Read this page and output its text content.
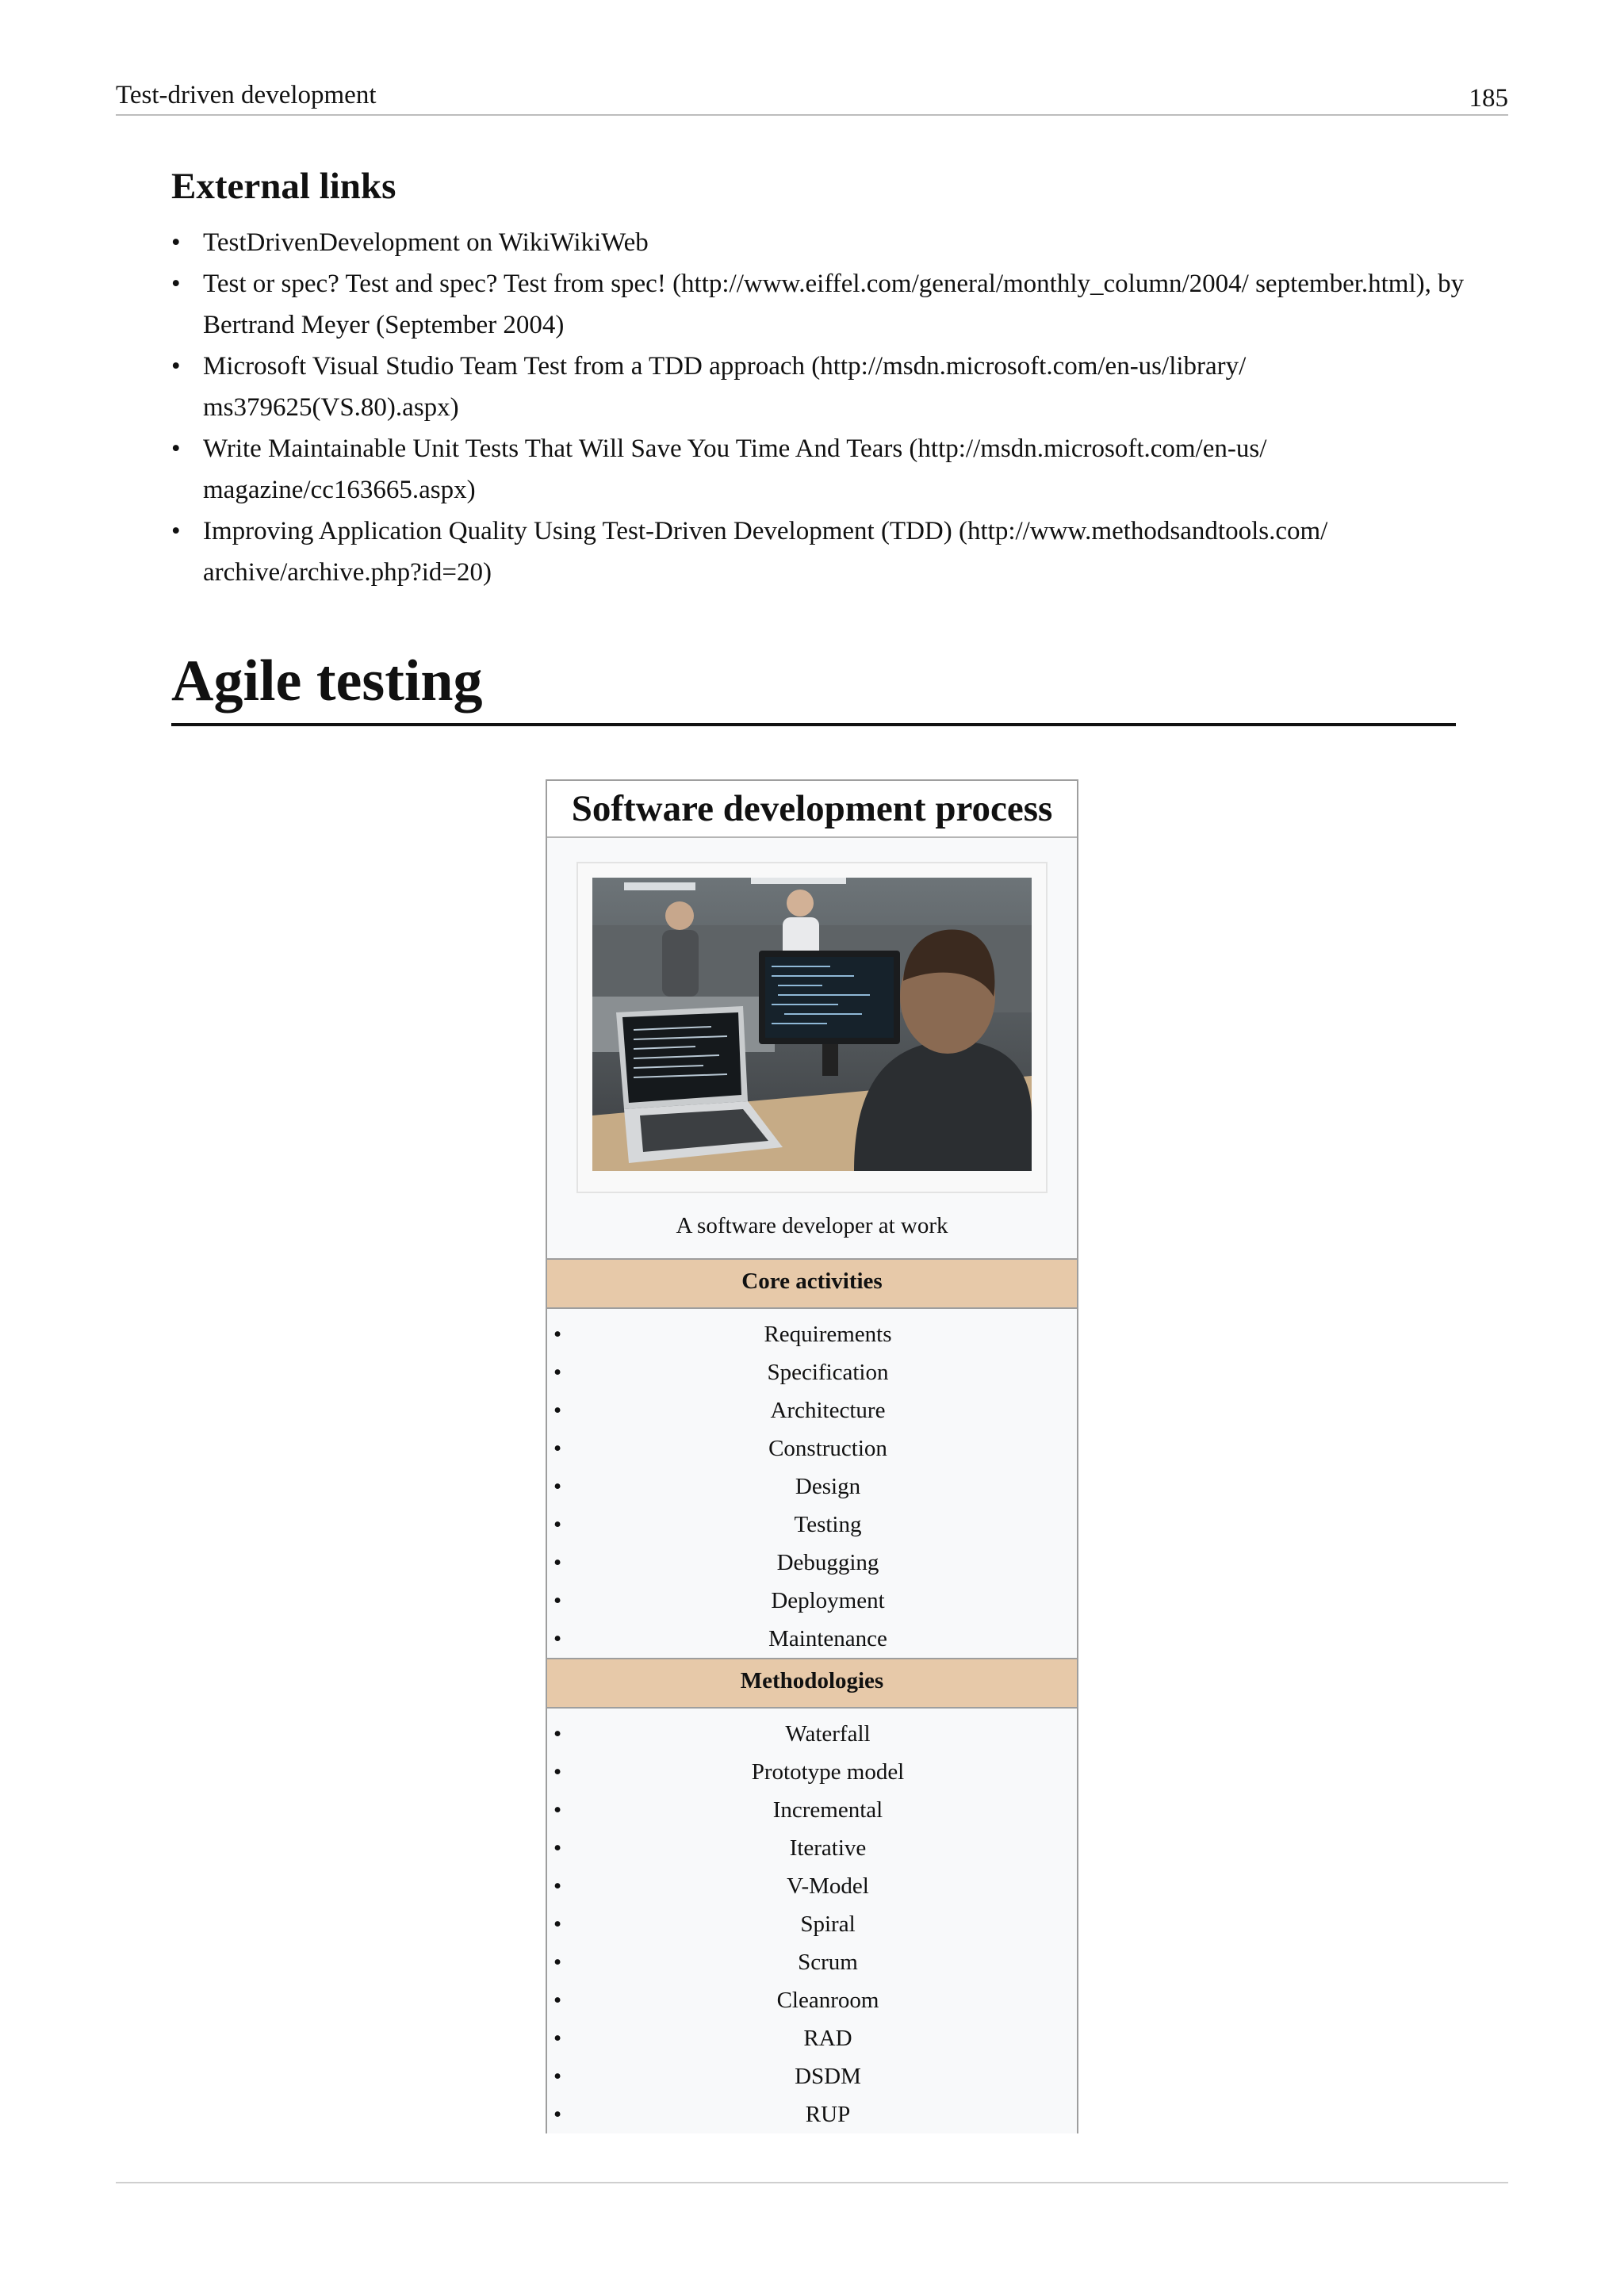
Test-driven development	185
External links
• TestDrivenDevelopment on WikiWikiWeb
• Test or spec? Test and spec? Test from spec! (http://www.eiffel.com/general/monthly_column/2004/ september.html), by Bertrand Meyer (September 2004)
• Microsoft Visual Studio Team Test from a TDD approach (http://msdn.microsoft.com/en-us/library/ ms379625(VS.80).aspx)
• Write Maintainable Unit Tests That Will Save You Time And Tears (http://msdn.microsoft.com/en-us/ magazine/cc163665.aspx)
• Improving Application Quality Using Test-Driven Development (TDD) (http://www.methodsandtools.com/ archive/archive.php?id=20)
Agile testing
Software development process
A software developer at work
Core activities
• Requirements
• Specification
• Architecture
• Construction
• Design
• Testing
• Debugging
• Deployment
• Maintenance
Methodologies
• Waterfall
• Prototype model
• Incremental
• Iterative
• V-Model
• Spiral
• Scrum
• Cleanroom
• RAD
• DSDM
• RUP
